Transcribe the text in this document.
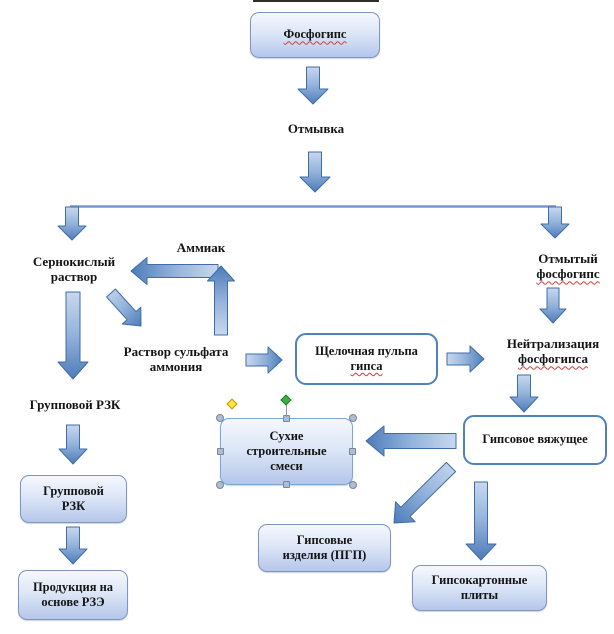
Фосфогипс
Отмывка
Сернокислый
раствор
Аммиак
Раствор сульфата
аммония
Отмытый
фосфогипс
Нейтрализация
фосфогипса
Групповой РЗК
Щелочная пульпа
гипса
Гипсовое вяжущее
Сухие
строительные
смеси
Групповой
РЗК
Продукция на
основе РЗЭ
Гипсовые
изделия (ПГП)
Гипсокартонные
плиты
